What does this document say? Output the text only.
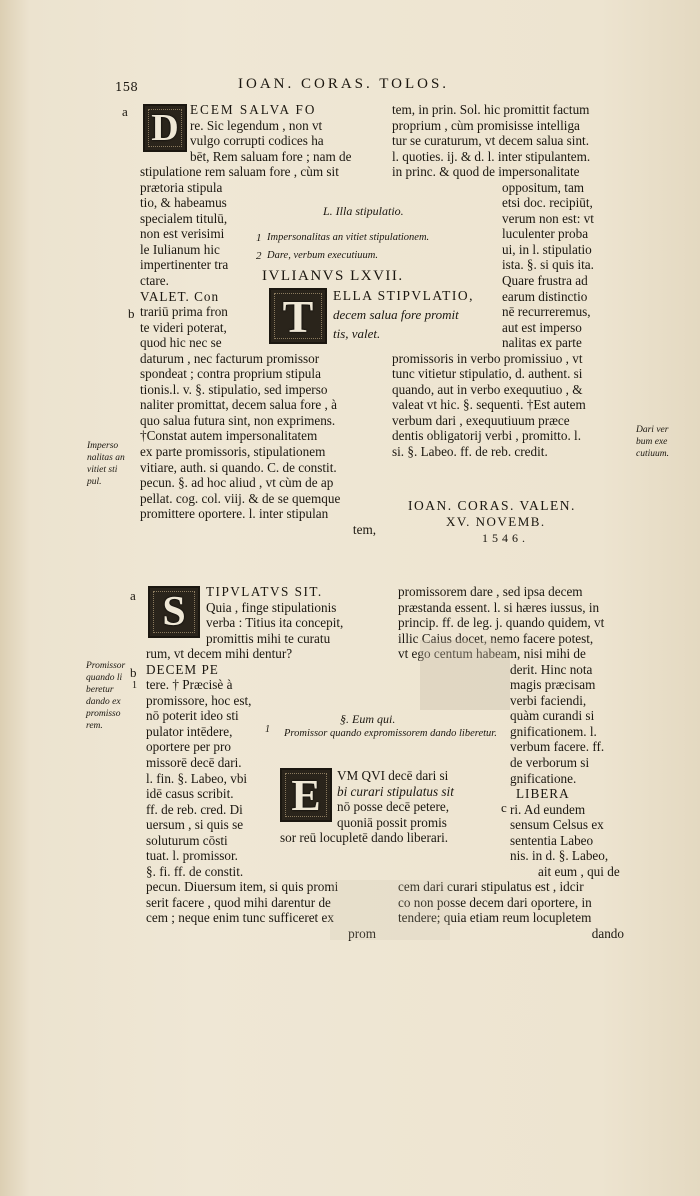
158	IOAN. CORAS. TOLOS.
a D ECEM SALVA FO
re. Sic legendum , non vt
vulgo corrupti codices ha
bēt, Rem saluam fore ; nam de
stipulatione rem saluam fore , cùm sit
prætoria stipula
tio, & habeamus
specialem titulū,
non est verisimi
le Iulianum hic
impertinenter tra
ctare.
VALET. Con
trariū prima fron
te videri poterat,
quod hic nec se
daturum , nec facturum promissor
spondeat ; contra proprium stipula
tionis.l. v. §. stipulatio, sed imperso
naliter promittat, decem salua fore , à
quo salua futura sint, non exprimens.
†Constat autem impersonalitatem
ex parte promissoris, stipulationem
vitiare, auth. si quando. C. de constit.
pecun. §. ad hoc aliud , vt cùm de ap
pellat. cog. col. viij. & de se quemque
promittere oportere. l. inter stipulan
tem,
b
tem, in prin. Sol. hic promittit factum
proprium , cùm promisisse intelliga
tur se curaturum, vt decem salua sint.
l. quoties. ij. & d. l. inter stipulantem.
in princ. & quod de impersonalitate
oppositum, tam
etsi doc. recipiūt,
verum non est: vt
luculenter proba
ui, in l. stipulatio
ista. §. si quis ita.
Quare frustra ad
earum distinctio
nē recurreremus,
aut est imperso
nalitas ex parte
promissoris in verbo promissiuo , vt
tunc vitietur stipulatio, d. authent. si
quando, aut in verbo exequutiuo , &
valeat vt hic. §. sequenti. †Est autem
verbum dari , exequutiuum præce
dentis obligatorij verbi , promitto. l.
si. §. Labeo. ff. de reb. credit.
L. Illa stipulatio.
1 Impersonalitas an vitiet stipulationem.
2 Dare, verbum executiuum.
IVLIANVS LXVII.
T ELLA STIPVLATIO,
decem salua fore promit
tis, valet.
IOAN. CORAS. VALEN.
XV. NOVEMB.
1546.
Imperso
nalitas an
vitiet sti
pul.
Dari ver
bum exe
cutiuum.
a S	TIPVLATVS SIT.
Quia , finge stipulationis
verba : Titius ita concepit,
promittis mihi te curatu
rum, vt decem mihi dentur?
DECEM PE
tere. † Præcisè à
promissore, hoc est,
nō poterit ideo sti
pulator intēdere,
oportere per pro
missorē decē dari.
l. fin. §. Labeo, vbi
idē casus scribit.
ff. de reb. cred. Di
uersum , si quis se
soluturum cōsti
tuat. l. promissor.
§. fi. ff. de constit.
pecun. Diuersum item, si quis promi
serit facere , quod mihi darentur de
cem ; neque enim tunc sufficeret ex
prom
b
1
promissorem dare , sed ipsa decem
præstanda essent. l. si hæres iussus, in
princip. ff. de leg. j. quando quidem, vt
illic Caius docet, nemo facere potest,
vt ego centum habeam, nisi mihi de
derit. Hinc nota
magis præcisam
verbi faciendi,
quàm curandi si
gnificationem. l.
verbum facere. ff.
de verborum si
gnificatione.
LIBERA
ri. Ad eundem
sensum Celsus ex
sententia Labeo
nis. in d. §. Labeo,
ait eum , qui de
cem dari curari stipulatus est , idcir
co non posse decem dari oportere, in
tendere; quia etiam reum locupletem
dando
c
§. Eum qui.
1 Promissor quando expromissorem dando liberetur.
E VM QVI decē dari si
bi curari stipulatus sit
nō posse decē petere,
quoniā possit promis
sor reū locupletē dando liberari.
Promissor
quando li
beretur
dando ex
promisso
rem.
